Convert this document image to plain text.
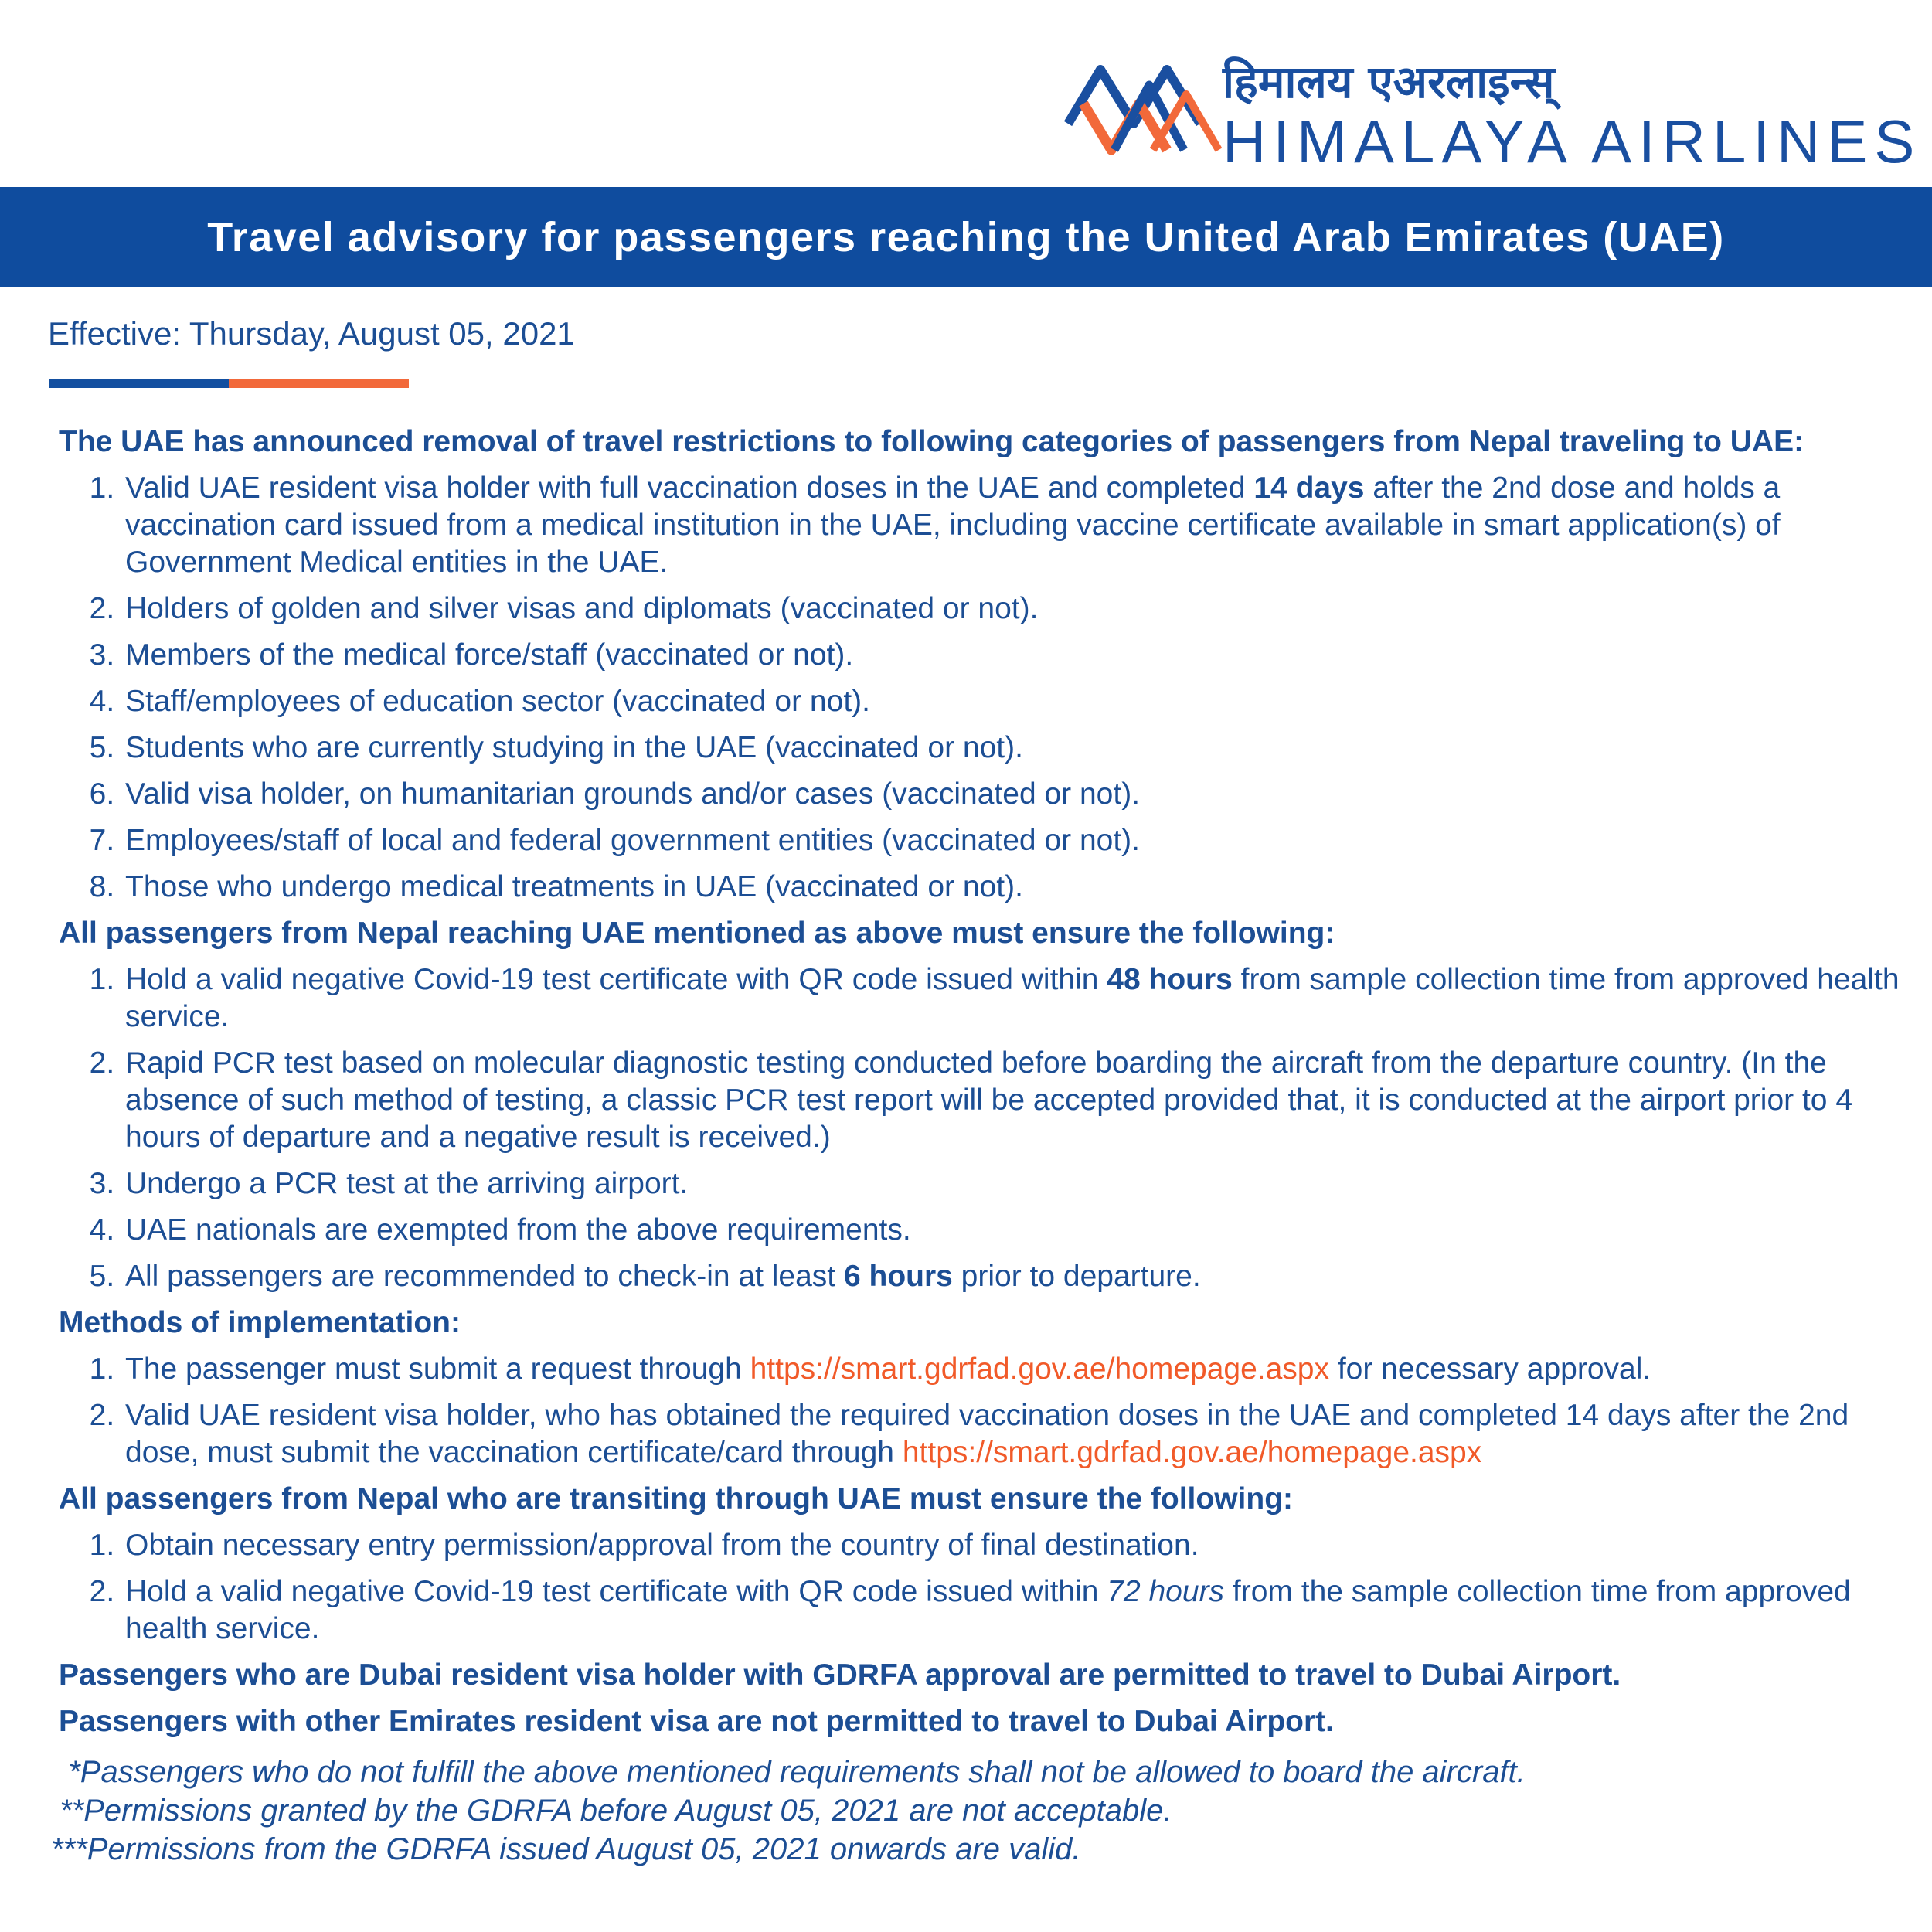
हिमालय एअरलाइन्स्
HIMALAYA AIRLINES
Travel advisory for passengers reaching the United Arab Emirates (UAE)
Effective: Thursday, August 05, 2021
The UAE has announced removal of travel restrictions to following categories of passengers from Nepal traveling to UAE:
1. Valid UAE resident visa holder with full vaccination doses in the UAE and completed 14 days after the 2nd dose and holds a vaccination card issued from a medical institution in the UAE, including vaccine certificate available in smart application(s) of Government Medical entities in the UAE.
2. Holders of golden and silver visas and diplomats (vaccinated or not).
3. Members of the medical force/staff (vaccinated or not).
4. Staff/employees of education sector (vaccinated or not).
5. Students who are currently studying in the UAE (vaccinated or not).
6. Valid visa holder, on humanitarian grounds and/or cases (vaccinated or not).
7. Employees/staff of local and federal government entities (vaccinated or not).
8. Those who undergo medical treatments in UAE (vaccinated or not).
All passengers from Nepal reaching UAE mentioned as above must ensure the following:
1. Hold a valid negative Covid-19 test certificate with QR code issued within 48 hours from sample collection time from approved health service.
2. Rapid PCR test based on molecular diagnostic testing conducted before boarding the aircraft from the departure country. (In the absence of such method of testing, a classic PCR test report will be accepted provided that, it is conducted at the airport prior to 4 hours of departure and a negative result is received.)
3. Undergo a PCR test at the arriving airport.
4. UAE nationals are exempted from the above requirements.
5. All passengers are recommended to check-in at least 6 hours prior to departure.
Methods of implementation:
1. The passenger must submit a request through https://smart.gdrfad.gov.ae/homepage.aspx for necessary approval.
2. Valid UAE resident visa holder, who has obtained the required vaccination doses in the UAE and completed 14 days after the 2nd dose, must submit the vaccination certificate/card through https://smart.gdrfad.gov.ae/homepage.aspx
All passengers from Nepal who are transiting through UAE must ensure the following:
1. Obtain necessary entry permission/approval from the country of final destination.
2. Hold a valid negative Covid-19 test certificate with QR code issued within 72 hours from the sample collection time from approved health service.
Passengers who are Dubai resident visa holder with GDRFA approval are permitted to travel to Dubai Airport.
Passengers with other Emirates resident visa are not permitted to travel to Dubai Airport.
*Passengers who do not fulfill the above mentioned requirements shall not be allowed to board the aircraft.
**Permissions granted by the GDRFA before August 05, 2021 are not acceptable.
***Permissions from the GDRFA issued August 05, 2021 onwards are valid.
